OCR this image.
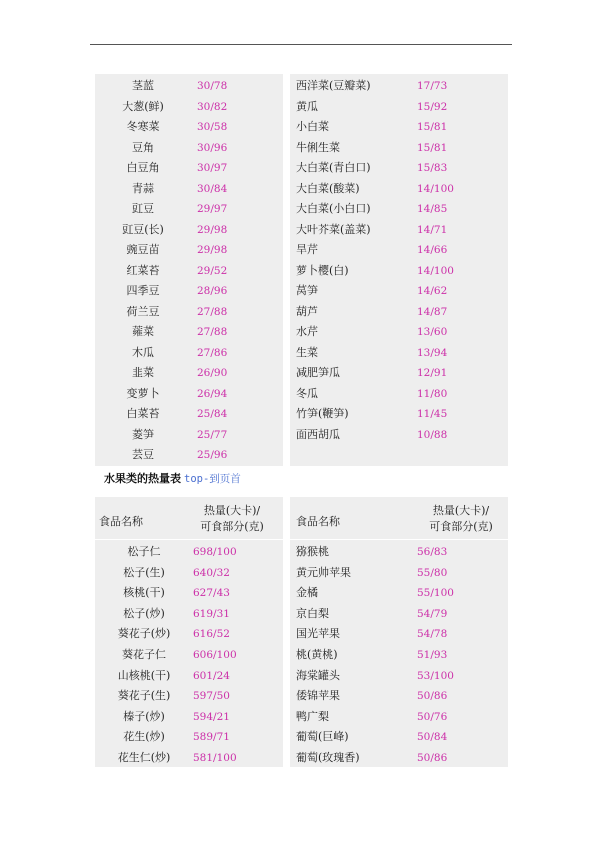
茎蓝	30/78
大葱(鲜)	30/82
冬寒菜	30/58
豆角	30/96
白豆角	30/97
青蒜	30/84
豇豆	29/97
豇豆(长)	29/98
豌豆苗	29/98
红菜苔	29/52
四季豆	28/96
荷兰豆	27/88
蕹菜	27/88
木瓜	27/86
韭菜	26/90
变萝卜	26/94
白菜苔	25/84
菱笋	25/77
芸豆	25/96
西洋菜(豆瓣菜)	17/73
黄瓜	15/92
小白菜	15/81
牛俐生菜	15/81
大白菜(青白口)	15/83
大白菜(酸菜)	14/100
大白菜(小白口)	14/85
大叶芥菜(盖菜)	14/71
旱芹	14/66
萝卜樱(白)	14/100
莴笋	14/62
葫芦	14/87
水芹	13/60
生菜	13/94
减肥笋瓜	12/91
冬瓜	11/80
竹笋(鞭笋)	11/45
面西胡瓜	10/88
水果类的热量表 top-到页首
食品名称
热量(大卡)/
可食部分(克)
松子仁	698/100
松子(生)	640/32
核桃(干)	627/43
松子(炒)	619/31
葵花子(炒)	616/52
葵花子仁	606/100
山核桃(干)	601/24
葵花子(生)	597/50
榛子(炒)	594/21
花生(炒)	589/71
花生仁(炒)	581/100
食品名称
热量(大卡)/
可食部分(克)
猕猴桃	56/83
黄元帅苹果	55/80
金橘	55/100
京白梨	54/79
国光苹果	54/78
桃(黄桃)	51/93
海棠罐头	53/100
倭锦苹果	50/86
鸭广梨	50/76
葡萄(巨峰)	50/84
葡萄(玫瑰香)	50/86
